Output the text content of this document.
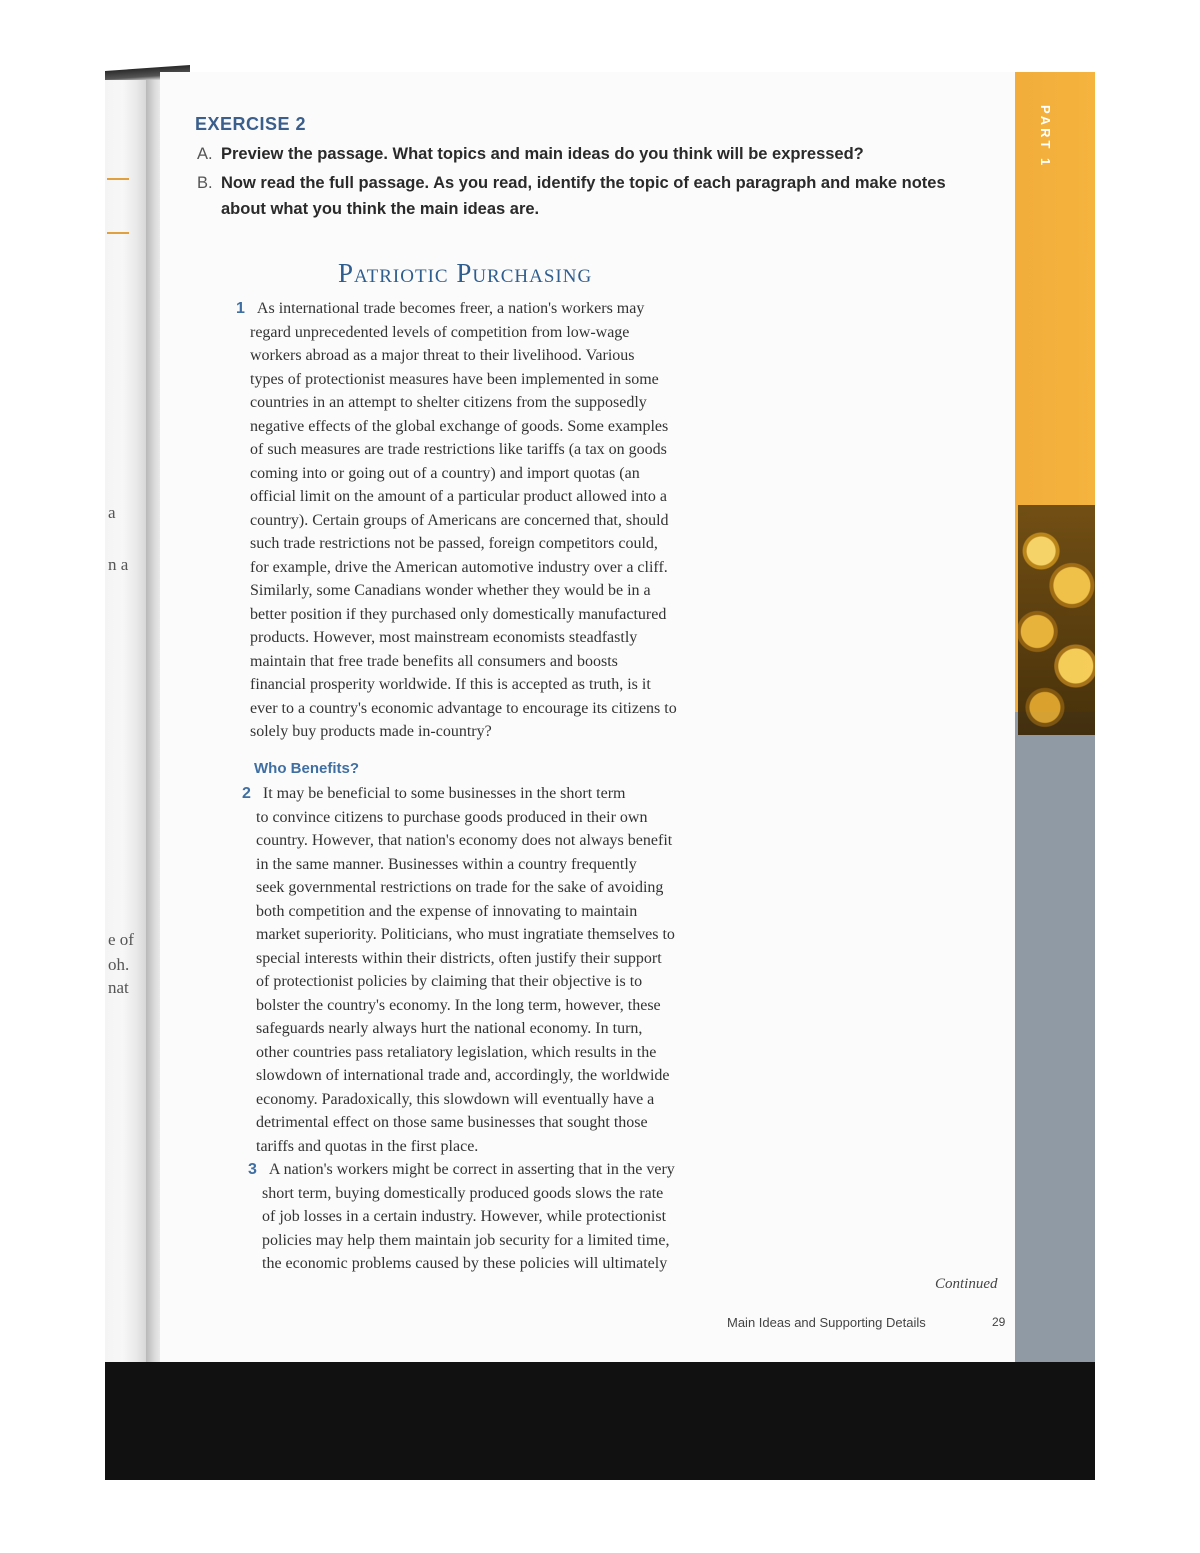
a
n a
e of
oh.
nat
PART 1
EXERCISE 2
A. Preview the passage. What topics and main ideas do you think will be expressed?
B. Now read the full passage. As you read, identify the topic of each paragraph and make notes about what you think the main ideas are.
Patriotic Purchasing
1 As international trade becomes freer, a nation's workers may
regard unprecedented levels of competition from low-wage
workers abroad as a major threat to their livelihood. Various
types of protectionist measures have been implemented in some
countries in an attempt to shelter citizens from the supposedly
negative effects of the global exchange of goods. Some examples
of such measures are trade restrictions like tariffs (a tax on goods
coming into or going out of a country) and import quotas (an
official limit on the amount of a particular product allowed into a
country). Certain groups of Americans are concerned that, should
such trade restrictions not be passed, foreign competitors could,
for example, drive the American automotive industry over a cliff.
Similarly, some Canadians wonder whether they would be in a
better position if they purchased only domestically manufactured
products. However, most mainstream economists steadfastly
maintain that free trade benefits all consumers and boosts
financial prosperity worldwide. If this is accepted as truth, is it
ever to a country's economic advantage to encourage its citizens to
solely buy products made in-country?
Who Benefits?
2 It may be beneficial to some businesses in the short term
to convince citizens to purchase goods produced in their own
country. However, that nation's economy does not always benefit
in the same manner. Businesses within a country frequently
seek governmental restrictions on trade for the sake of avoiding
both competition and the expense of innovating to maintain
market superiority. Politicians, who must ingratiate themselves to
special interests within their districts, often justify their support
of protectionist policies by claiming that their objective is to
bolster the country's economy. In the long term, however, these
safeguards nearly always hurt the national economy. In turn,
other countries pass retaliatory legislation, which results in the
slowdown of international trade and, accordingly, the worldwide
economy. Paradoxically, this slowdown will eventually have a
detrimental effect on those same businesses that sought those
tariffs and quotas in the first place.
3 A nation's workers might be correct in asserting that in the very
short term, buying domestically produced goods slows the rate
of job losses in a certain industry. However, while protectionist
policies may help them maintain job security for a limited time,
the economic problems caused by these policies will ultimately
Continued
Main Ideas and Supporting Details	29
